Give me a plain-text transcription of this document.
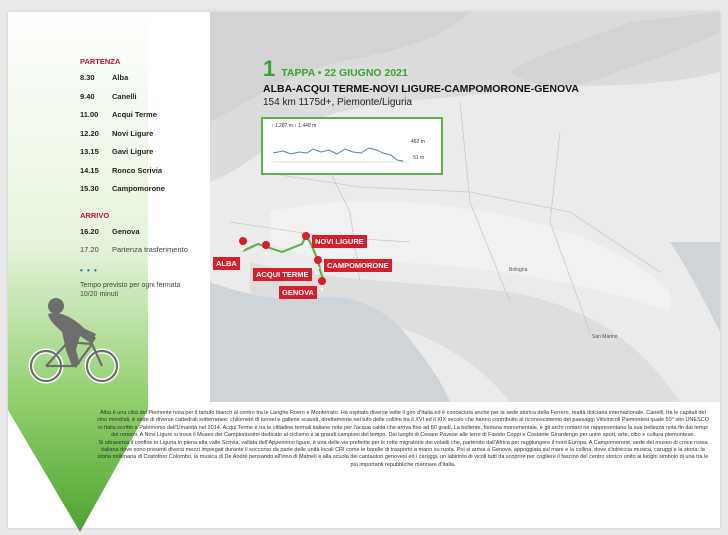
PARTENZA
8.30	Alba
9.40	Canelli
11.00	Acqui Terme
12.20	Novi Ligure
13.15	Gavi Ligure
14.15	Ronco Scrivia
15.30	Campomorone
ARRIVO
16.20	Genova
17.20	Partenza trasferimento
• • •
Tempo previsto per ogni fermata 10/20 minuti
Bologna
San Marino
1 TAPPA • 22 GIUGNO 2021
ALBA-ACQUI TERME-NOVI LIGURE-CAMPOMORONE-GENOVA
154 km 1175d+, Piemonte/Liguria
↑ 1.287 m ↓ 1.448 m
463 m
51 m
ALBA
ACQUI TERME
NOVI LIGURE
CAMPOMORONE
GENOVA

Alba è una città del Piemonte nota per il tartufo bianco al centro tra le Langhe Roero e Monferrato. Ha ospitato diverse volte il giro d'Italia ed è conosciuta anche per la sede storica della Ferrero, realtà dolciaria internazionale. Canelli, tra le capitali del vino mondiali, è sede di diverse cattedrali sotterranee: chilometri di tunnel e gallerie scavati, direttamente nel tufo delle colline tra il XVI ed il XIX secolo che hanno contribuito al riconoscimento dei paesaggi Vitivinicoli Piemontesi quale 50° sito UNESCO in Italia iscritto a Patrimonio dell'Umanità nel 2014. Acqui Terme è tra le cittadine termali italiane note per l'acqua calda che arriva fino ad 80 gradi. La bollente, fontana monumentale, e gli archi romani ne rappresentano la sua bellezza nota fin dai tempi dei romani. A Novi Ligure si trova il Museo dei Campionissimi dedicato al ciclismo e ai grandi campioni del tempo. Dai luoghi di Cesare Pavese alle terre di Fausto Coppi e Costante Girardengo per unire sport, arte, cibo e cultura piemontese.

Si attraversa il confine in Liguria in piena alta valle Scrivia, vallata dell'Appennino ligure, è una delle vie preferite per le rotte migratorie dei volatili che, partendo dall'Africa per raggiungere il nord Europa. A Campomorone, sede del museo di croce rossa italiana dove sono presenti diversi mezzi impiegati durante il soccorso da parte delle unità locali CRI come le barelle di trasporto a mano su ruota. Poi si arriva a Genova, appoggiata sul mare e la collina, dove s'intreccia musica, caruggi e la storia: la storia millenaria di Cristoforo Colombo, la musica di De André pensando all'inno di Mameli e alla scuola dei cantautori genovesi ed i caruggi, un labirinto di vicoli tutti da scoprire per cogliere il fascino del centro storico unito ai luoghi simbolo di una tra le più importanti repubbliche marinare d'Italia.
